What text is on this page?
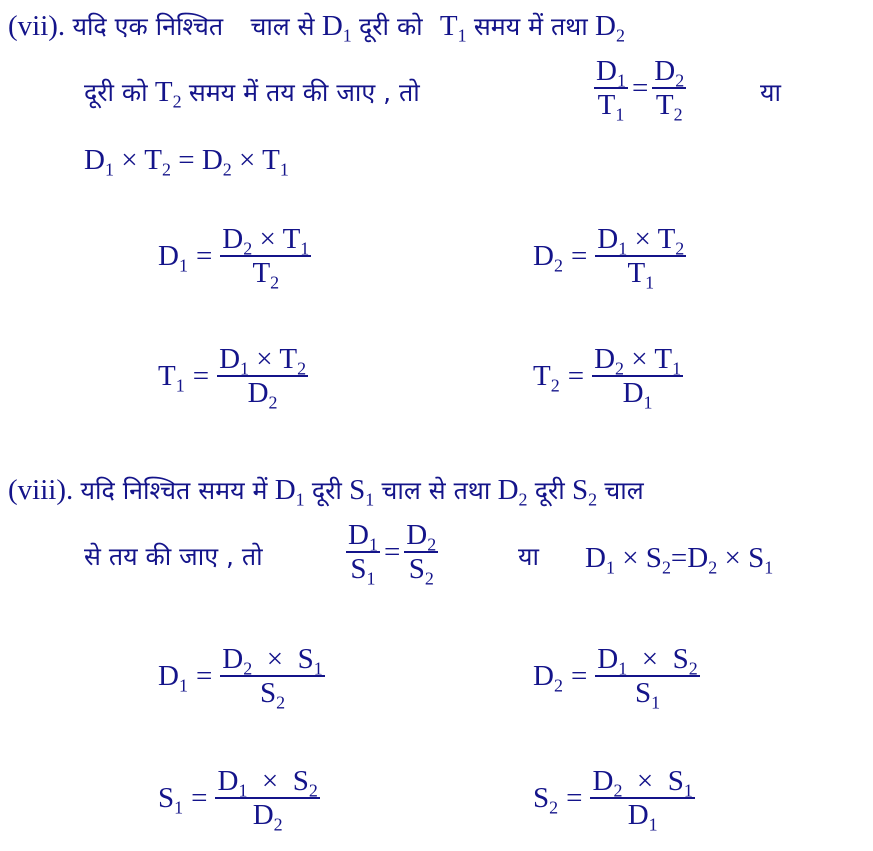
(vii). यदि एक निश्चित चाल से $D_1$ दूरी को $T_1$ समय में तथा $D_2$
दूरी को $T_2$ समय में तय की जाए , तो	$\frac{D_1}{T_1} = \frac{D_2}{T_2}$	या
$D_1 \times T_2 = D_2 \times T_1$
$D_1 = \frac{D_2 \times T_1}{T_2}$	$D_2 = \frac{D_1 \times T_2}{T_1}$
$T_1 = \frac{D_1 \times T_2}{D_2}$	$T_2 = \frac{D_2 \times T_1}{D_1}$
(viii). यदि निश्चित समय में $D_1$ दूरी $S_1$ चाल से तथा $D_2$ दूरी $S_2$ चाल
से तय की जाए , तो	$\frac{D_1}{S_1} = \frac{D_2}{S_2}$	या $D_1 \times S_2=D_2 \times S_1$
$D_1 = \frac{D_2 \times S_1}{S_2}$	$D_2 = \frac{D_1 \times S_2}{S_1}$
$S_1 = \frac{D_1 \times S_2}{D_2}$	$S_2 = \frac{D_2 \times S_1}{D_1}$
